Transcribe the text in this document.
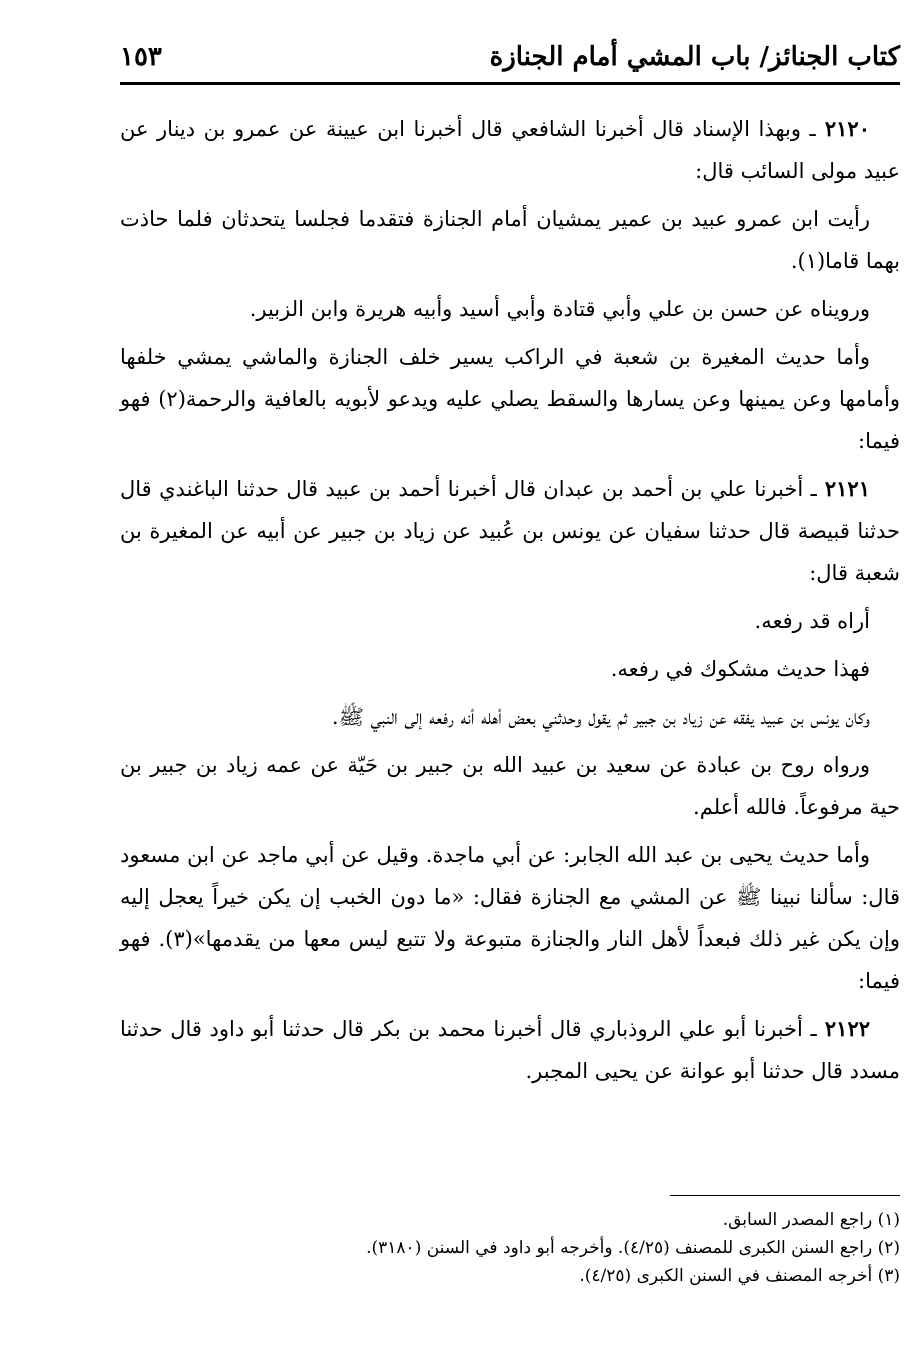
كتاب الجنائز/ باب المشي أمام الجنازة
١٥٣

٢١٢٠ ـ وبهذا الإسناد قال أخبرنا الشافعي قال أخبرنا ابن عيينة عن عمرو بن دينار عن عبيد مولى السائب قال:

رأيت ابن عمرو عبيد بن عمير يمشيان أمام الجنازة فتقدما فجلسا يتحدثان فلما حاذت بهما قاما(١).

ورويناه عن حسن بن علي وأبي قتادة وأبي أسيد وأبيه هريرة وابن الزبير.

وأما حديث المغيرة بن شعبة في الراكب يسير خلف الجنازة والماشي يمشي خلفها وأمامها وعن يمينها وعن يسارها والسقط يصلي عليه ويدعو لأبويه بالعافية والرحمة(٢) فهو فيما:

٢١٢١ ـ أخبرنا علي بن أحمد بن عبدان قال أخبرنا أحمد بن عبيد قال حدثنا الباغندي قال حدثنا قبيصة قال حدثنا سفيان عن يونس بن عُبيد عن زياد بن جبير عن أبيه عن المغيرة بن شعبة قال:

أراه قد رفعه.

فهذا حديث مشكوك في رفعه.

وكان يونس بن عبيد يفقه عن زياد بن جبير ثم يقول وحدثني بعض أهله أنه رفعه إلى النبي ﷺ.

ورواه روح بن عبادة عن سعيد بن عبيد الله بن جبير بن حَيّة عن عمه زياد بن جبير بن حية مرفوعاً. فالله أعلم.

وأما حديث يحيى بن عبد الله الجابر: عن أبي ماجدة. وقيل عن أبي ماجد عن ابن مسعود قال: سألنا نبينا ﷺ عن المشي مع الجنازة فقال: «ما دون الخبب إن يكن خيراً يعجل إليه وإن يكن غير ذلك فبعداً لأهل النار والجنازة متبوعة ولا تتبع ليس معها من يقدمها»(٣). فهو فيما:

٢١٢٢ ـ أخبرنا أبو علي الروذباري قال أخبرنا محمد بن بكر قال حدثنا أبو داود قال حدثنا مسدد قال حدثنا أبو عوانة عن يحيى المجبر.

(١) راجع المصدر السابق.

(٢) راجع السنن الكبرى للمصنف (٤/٢٥). وأخرجه أبو داود في السنن (٣١٨٠).

(٣) أخرجه المصنف في السنن الكبرى (٤/٢٥).
